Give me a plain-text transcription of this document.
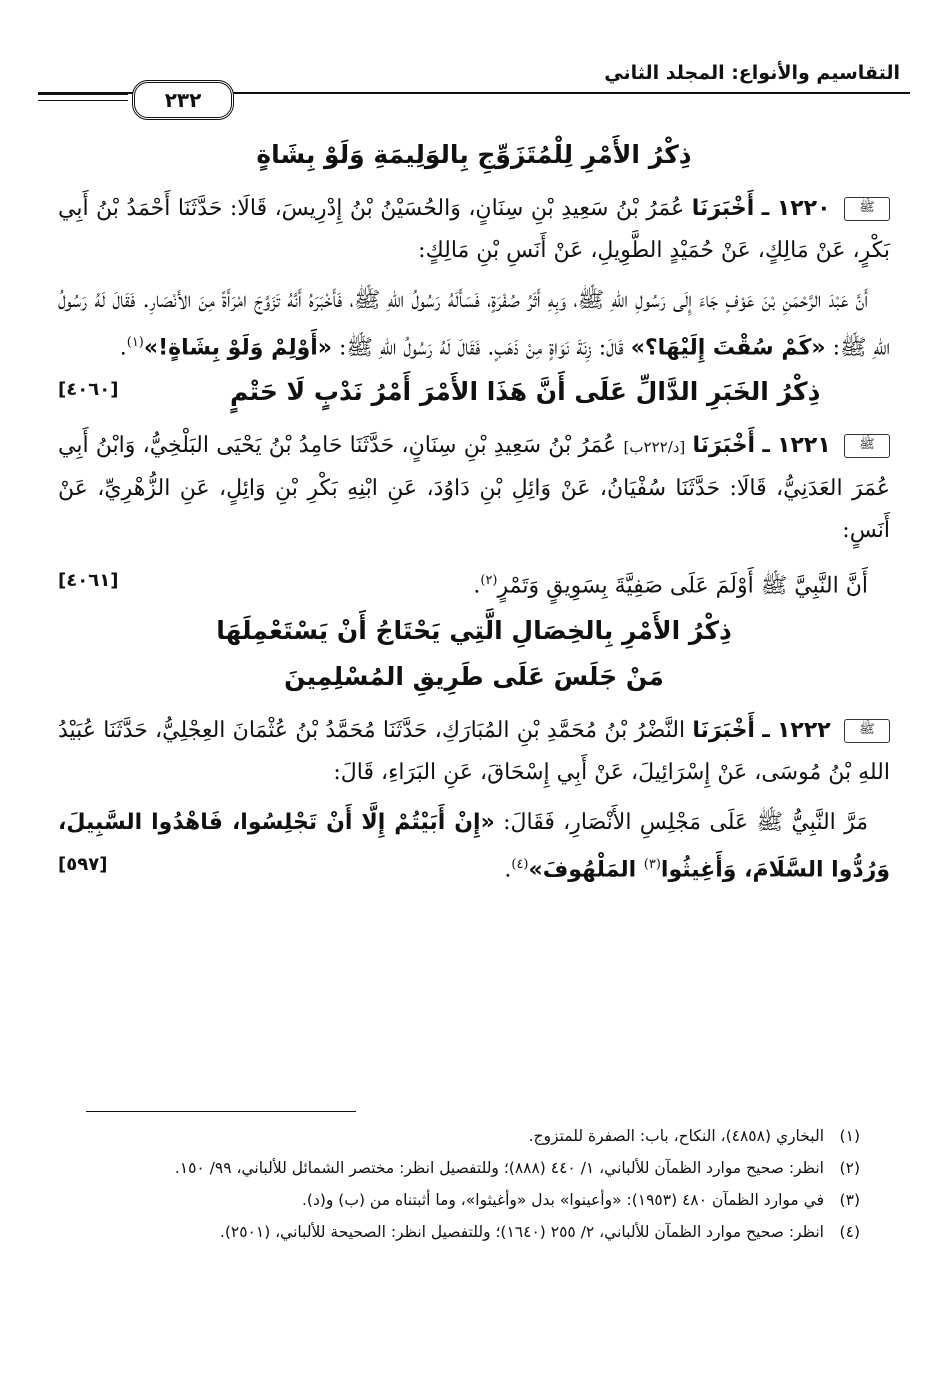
التقاسيم والأنواع: المجلد الثاني
٢٣٢
ذِكْرُ الأَمْرِ لِلْمُتَزَوِّجِ بِالوَلِيمَةِ وَلَوْ بِشَاةٍ

ﷺ ١٢٢٠ ـ أَخْبَرَنَا عُمَرُ بْنُ سَعِيدِ بْنِ سِنَانٍ، وَالحُسَيْنُ بْنُ إِدْرِيسَ، قَالَا: حَدَّثَنَا أَحْمَدُ بْنُ أَبِي بَكْرٍ، عَنْ مَالِكٍ، عَنْ حُمَيْدٍ الطَّوِيلِ، عَنْ أَنَسِ بْنِ مَالِكٍ:

أَنَّ عَبْدَ الرَّحْمَنِ بْنَ عَوْفٍ جَاءَ إِلَى رَسُولِ اللهِ ﷺ، وَبِهِ أَثَرُ صُفْرَةٍ، فَسَأَلَهُ رَسُولُ اللهِ ﷺ، فَأَخْبَرَهُ أَنَّهُ تَزَوَّجَ امْرَأَةً مِنَ الأَنْصَارِ. فَقَالَ لَهُ رَسُولُ اللهِ ﷺ: «كَمْ سُقْتَ إِلَيْهَا؟» قَالَ: زِنَةَ نَوَاةٍ مِنْ ذَهَبٍ. فَقَالَ لَهُ رَسُولُ اللهِ ﷺ: «أَوْلِمْ وَلَوْ بِشَاةٍ!»$^{(١)}$.
[٤٠٦٠]	ذِكْرُ الخَبَرِ الدَّالِّ عَلَى أَنَّ هَذَا الأَمْرَ أَمْرُ نَدْبٍ لَا حَتْمٍ

ﷺ ١٢٢١ ـ أَخْبَرَنَا [د/٢٢٢ب] عُمَرُ بْنُ سَعِيدِ بْنِ سِنَانٍ، حَدَّثَنَا حَامِدُ بْنُ يَحْيَى البَلْخِيُّ، وَابْنُ أَبِي عُمَرَ العَدَنِيُّ، قَالَا: حَدَّثَنَا سُفْيَانُ، عَنْ وَائِلِ بْنِ دَاوُدَ، عَنِ ابْنِهِ بَكْرِ بْنِ وَائِلٍ، عَنِ الزُّهْرِيِّ، عَنْ أَنَسٍ:

أَنَّ النَّبِيَّ ﷺ أَوْلَمَ عَلَى صَفِيَّةَ بِسَوِيقٍ وَتَمْرٍ$^{(٢)}$.
[٤٠٦١]

ذِكْرُ الأَمْرِ بِالخِصَالِ الَّتِي يَحْتَاجُ أَنْ يَسْتَعْمِلَهَا
مَنْ جَلَسَ عَلَى طَرِيقِ المُسْلِمِينَ

ﷺ ١٢٢٢ ـ أَخْبَرَنَا النَّضْرُ بْنُ مُحَمَّدِ بْنِ المُبَارَكِ، حَدَّثَنَا مُحَمَّدُ بْنُ عُثْمَانَ العِجْلِيُّ، حَدَّثَنَا عُبَيْدُ اللهِ بْنُ مُوسَى، عَنْ إِسْرَائِيلَ، عَنْ أَبِي إِسْحَاقَ، عَنِ البَرَاءِ، قَالَ:

مَرَّ النَّبِيُّ ﷺ عَلَى مَجْلِسِ الأَنْصَارِ، فَقَالَ: «إِنْ أَبَيْتُمْ إِلَّا أَنْ تَجْلِسُوا، فَاهْدُوا السَّبِيلَ، وَرُدُّوا السَّلَامَ، وَأَغِيثُوا$^{(٣)}$ المَلْهُوفَ»$^{(٤)}$.
[٥٩٧]

(١)
البخاري (٤٨٥٨)، النكاح، باب: الصفرة للمتزوج.
(٢)
انظر: صحيح موارد الظمآن للألباني، ١/ ٤٤٠ (٨٨٨)؛ وللتفصيل انظر: مختصر الشمائل للألباني، ٩٩/ ١٥٠.
(٣)
في موارد الظمآن ٤٨٠ (١٩٥٣): «وأعينوا» بدل «وأغيثوا»، وما أثبتناه من (ب) و(د).
(٤)
انظر: صحيح موارد الظمآن للألباني، ٢/ ٢٥٥ (١٦٤٠)؛ وللتفصيل انظر: الصحيحة للألباني، (٢٥٠١).
